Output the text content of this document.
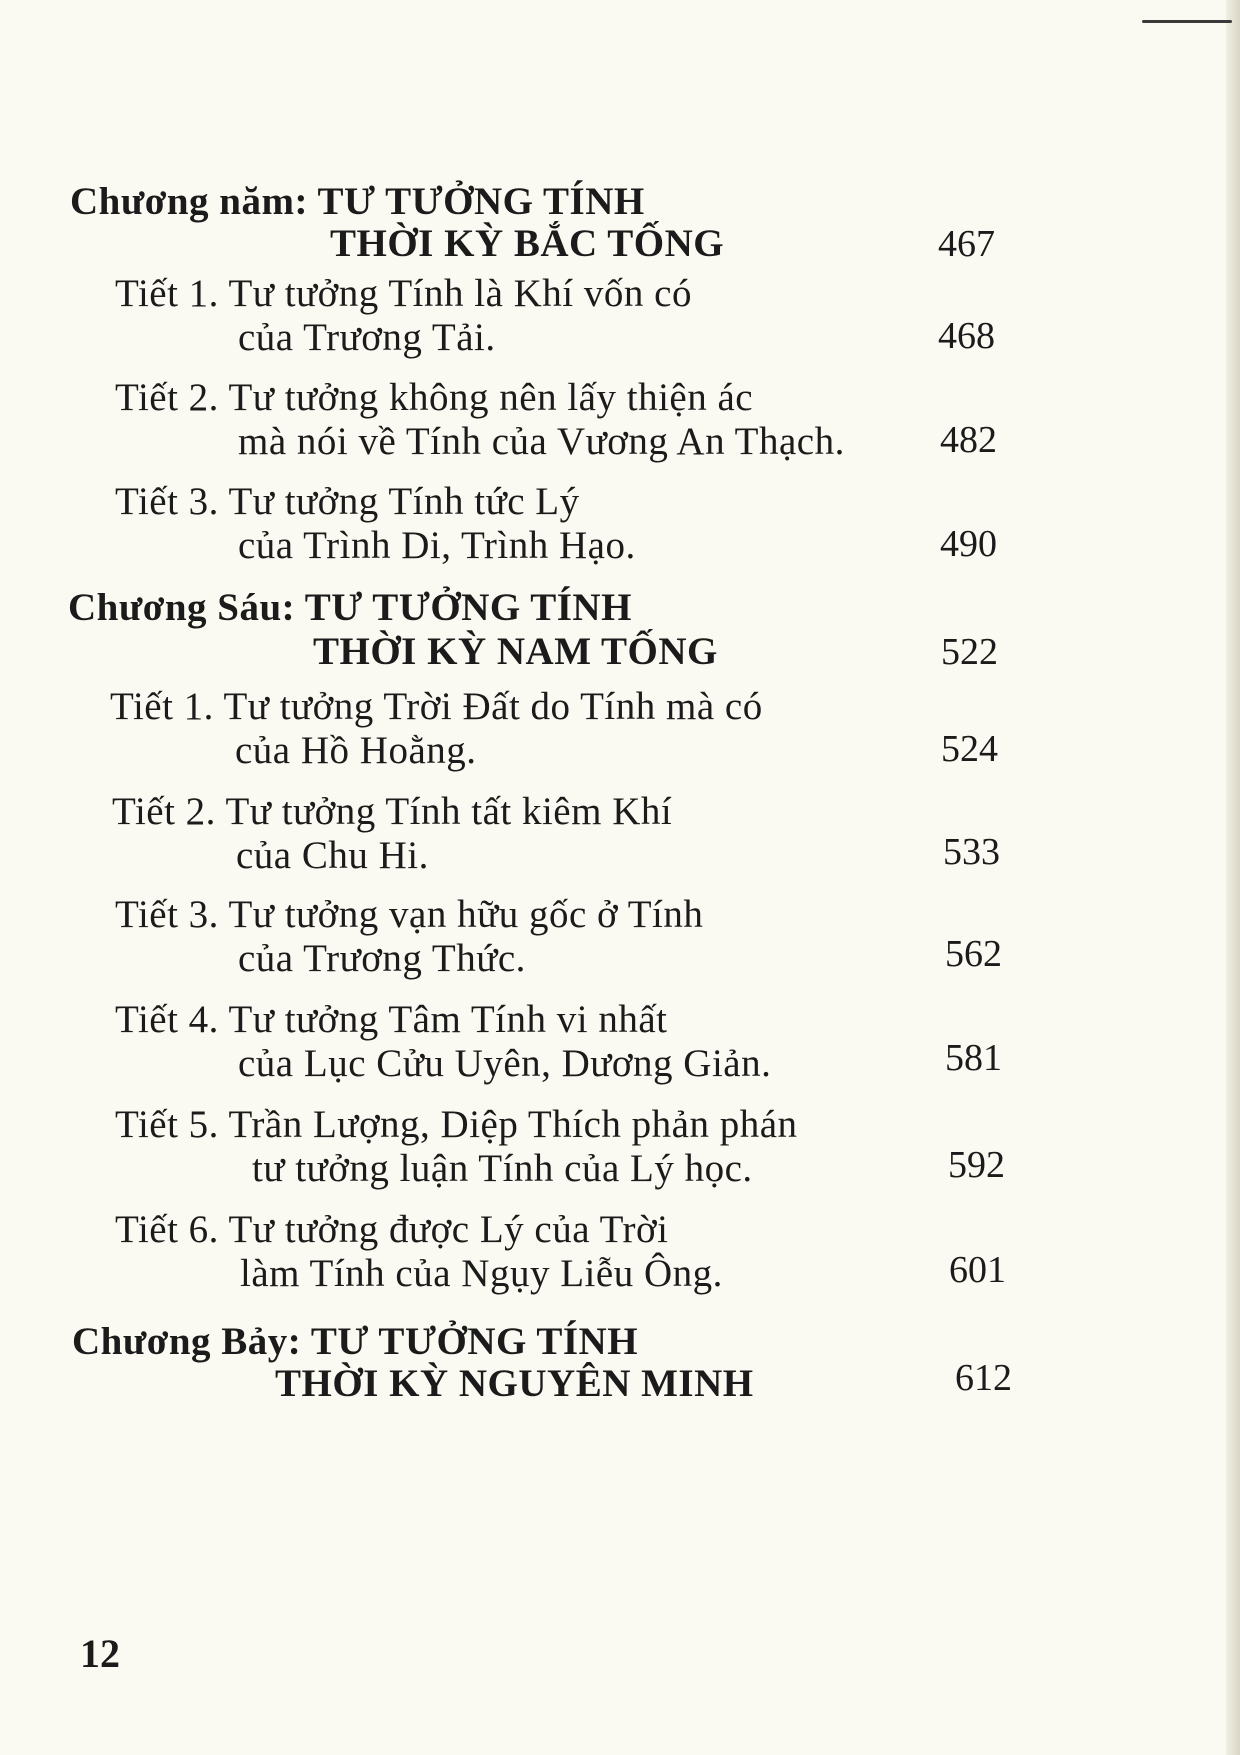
Chương năm: TƯ TƯỞNG TÍNH
THỜI KỲ BẮC TỐNG	467
Tiết 1. Tư tưởng Tính là Khí vốn có
của Trương Tải.	468
Tiết 2. Tư tưởng không nên lấy thiện ác
mà nói về Tính của Vương An Thạch.	482
Tiết 3. Tư tưởng Tính tức Lý
của Trình Di, Trình Hạo.	490
Chương Sáu: TƯ TƯỞNG TÍNH
THỜI KỲ NAM TỐNG	522
Tiết 1. Tư tưởng Trời Đất do Tính mà có
của Hồ Hoằng.	524
Tiết 2. Tư tưởng Tính tất kiêm Khí
của Chu Hi.	533
Tiết 3. Tư tưởng vạn hữu gốc ở Tính
của Trương Thức.	562
Tiết 4. Tư tưởng Tâm Tính vi nhất
của Lục Cửu Uyên, Dương Giản.	581
Tiết 5. Trần Lượng, Diệp Thích phản phán
tư tưởng luận Tính của Lý học.	592
Tiết 6. Tư tưởng được Lý của Trời
làm Tính của Ngụy Liễu Ông.	601
Chương Bảy: TƯ TƯỞNG TÍNH
THỜI KỲ NGUYÊN MINH	612
12
